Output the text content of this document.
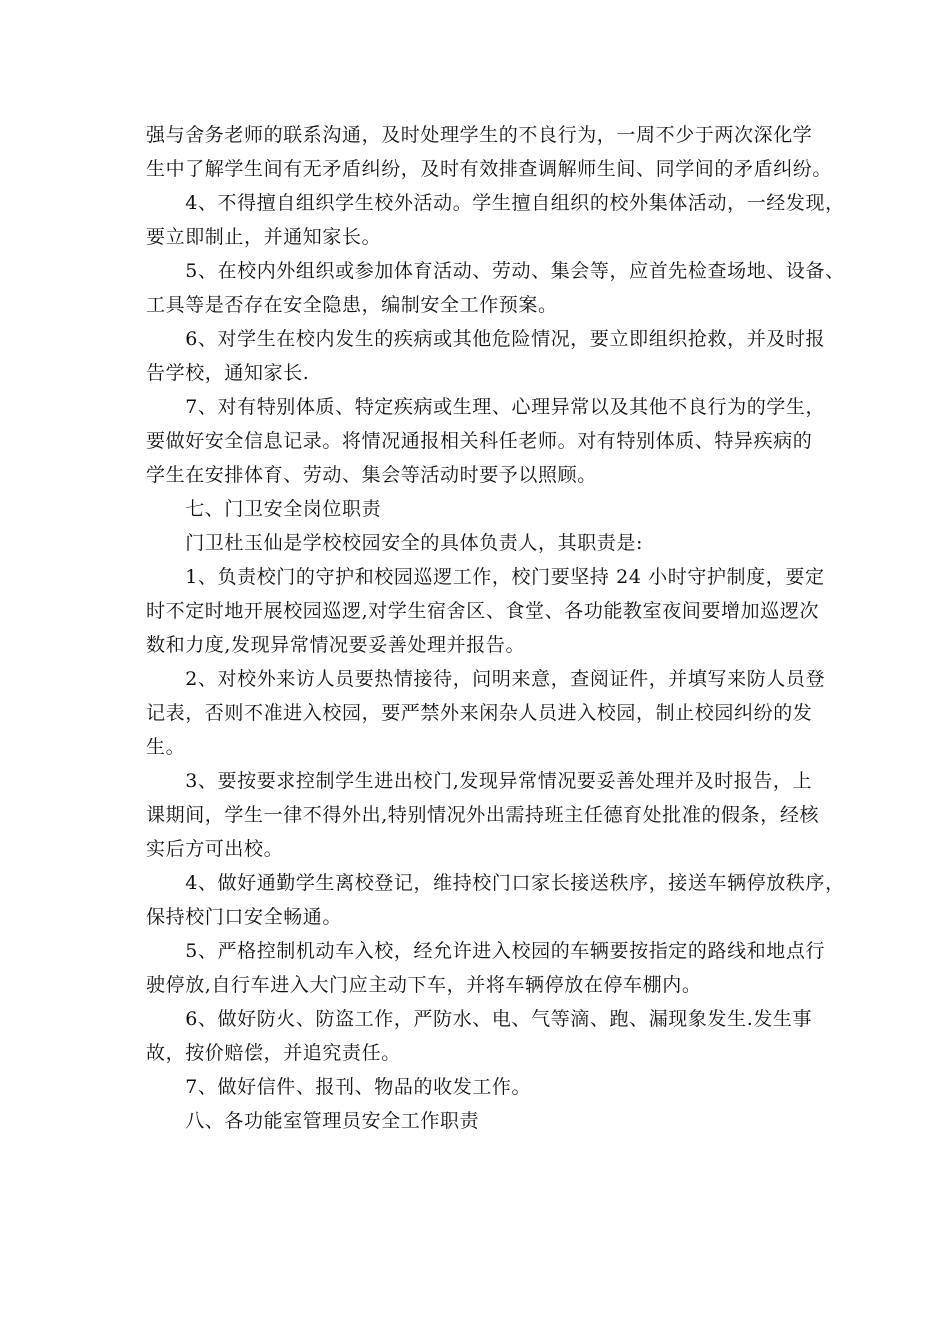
强与舍务老师的联系沟通，及时处理学生的不良行为，一周不少于两次深化学
生中了解学生间有无矛盾纠纷，及时有效排查调解师生间、同学间的矛盾纠纷。
　　4、不得擅自组织学生校外活动。学生擅自组织的校外集体活动，一经发现，
要立即制止，并通知家长。
　　5、在校内外组织或参加体育活动、劳动、集会等，应首先检查场地、设备、
工具等是否存在安全隐患，编制安全工作预案。
　　6、对学生在校内发生的疾病或其他危险情况，要立即组织抢救，并及时报
告学校，通知家长.
　　7、对有特别体质、特定疾病或生理、心理异常以及其他不良行为的学生，
要做好安全信息记录。将情况通报相关科任老师。对有特别体质、特异疾病的
学生在安排体育、劳动、集会等活动时要予以照顾。
　　七、门卫安全岗位职责
　　门卫杜玉仙是学校校园安全的具体负责人，其职责是:
　　1、负责校门的守护和校园巡逻工作，校门要坚持 24 小时守护制度，要定
时不定时地开展校园巡逻,对学生宿舍区、食堂、各功能教室夜间要增加巡逻次
数和力度,发现异常情况要妥善处理并报告。
　　2、对校外来访人员要热情接待，问明来意，查阅证件，并填写来防人员登
记表，否则不准进入校园，要严禁外来闲杂人员进入校园，制止校园纠纷的发
生。
　　3、要按要求控制学生进出校门,发现异常情况要妥善处理并及时报告，上
课期间，学生一律不得外出,特别情况外出需持班主任德育处批准的假条，经核
实后方可出校。
　　4、做好通勤学生离校登记，维持校门口家长接送秩序，接送车辆停放秩序，
保持校门口安全畅通。
　　5、严格控制机动车入校，经允许进入校园的车辆要按指定的路线和地点行
驶停放,自行车进入大门应主动下车，并将车辆停放在停车棚内。
　　6、做好防火、防盗工作，严防水、电、气等滴、跑、漏现象发生.发生事
故，按价赔偿，并追究责任。
　　7、做好信件、报刊、物品的收发工作。
　　八、各功能室管理员安全工作职责
